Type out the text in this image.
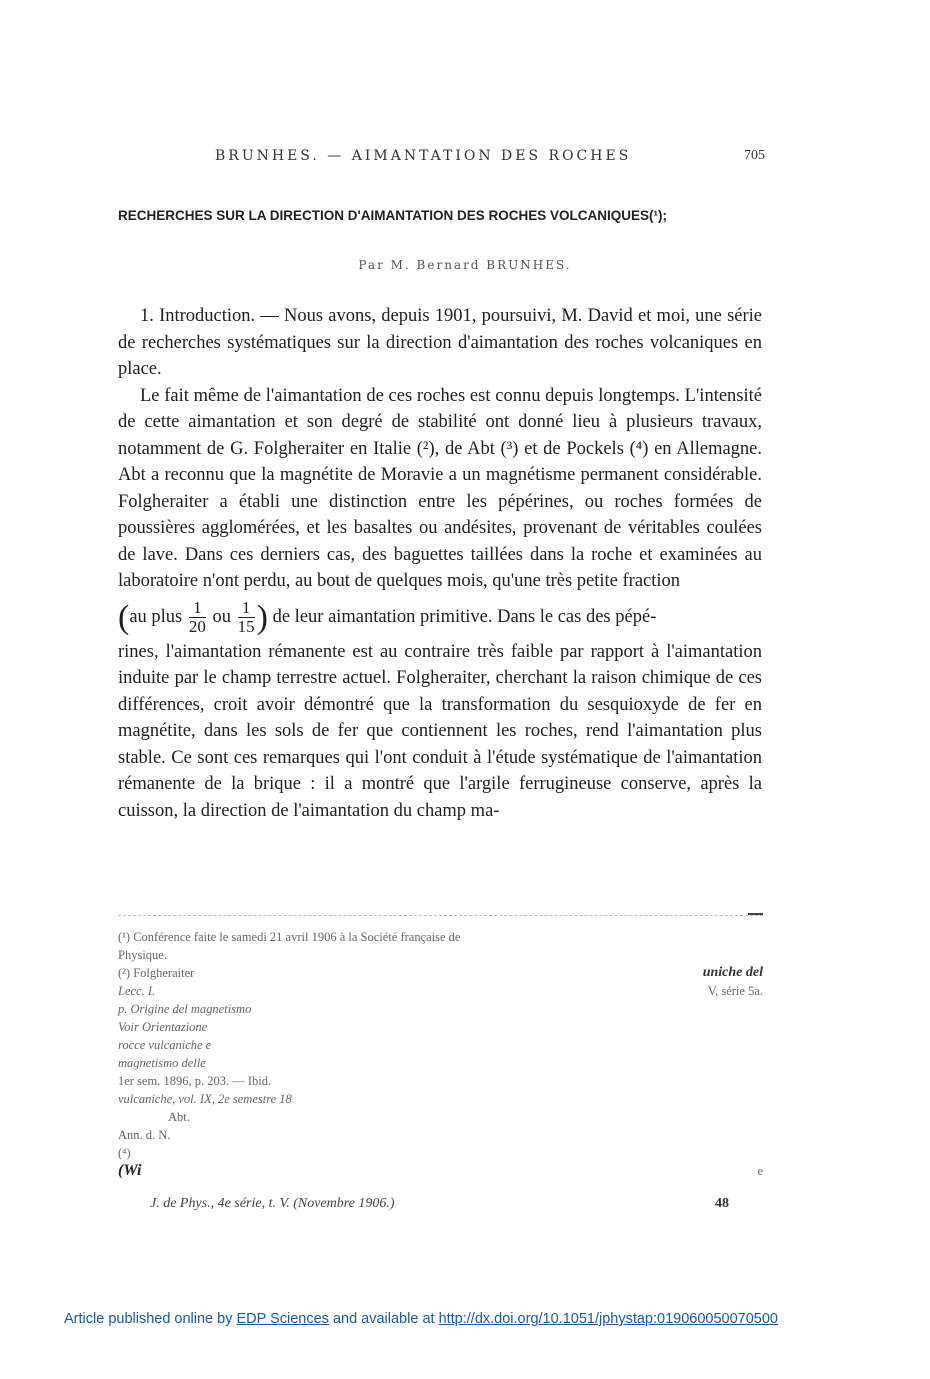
BRUNHES. — AIMANTATION DES ROCHES	705
RECHERCHES SUR LA DIRECTION D'AIMANTATION DES ROCHES VOLCANIQUES(¹);
Par M. Bernard BRUNHES.

1. Introduction. — Nous avons, depuis 1901, poursuivi, M. David et moi, une série de recherches systématiques sur la direction d'aimantation des roches volcaniques en place.

Le fait même de l'aimantation de ces roches est connu depuis longtemps. L'intensité de cette aimantation et son degré de stabilité ont donné lieu à plusieurs travaux, notamment de G. Folgheraiter en Italie (²), de Abt (³) et de Pockels (⁴) en Allemagne. Abt a reconnu que la magnétite de Moravie a un magnétisme permanent considérable. Folgheraiter a établi une distinction entre les pépérines, ou roches formées de poussières agglomérées, et les basaltes ou andésites, provenant de véritables coulées de lave. Dans ces derniers cas, des baguettes taillées dans la roche et examinées au laboratoire n'ont perdu, au bout de quelques mois, qu'une très petite fraction

(au plus $\frac{1}{20}$ ou $\frac{1}{15}$ ) de leur aimantation primitive. Dans le cas des pépé-

rines, l'aimantation rémanente est au contraire très faible par rapport à l'aimantation induite par le champ terrestre actuel. Folgheraiter, cherchant la raison chimique de ces différences, croit avoir démontré que la transformation du sesquioxyde de fer en magnétite, dans les sols de fer que contiennent les roches, rend l'aimantation plus stable. Ce sont ces remarques qui l'ont conduit à l'étude systématique de l'aimantation rémanente de la brique : il a montré que l'argile ferrugineuse conserve, après la cuisson, la direction de l'aimantation du champ ma-

(¹) Conférence faite le samedi 21 avril 1906 à la Société française de
Physique.
(²) Folgheraiter	uniche del
Lecc. I.	V, série 5a.
p. Origine del magnetismo
Voir Orientazione
rocce vulcaniche e
magnetismo delle
1er sem. 1896, p. 203. — Ibid.
vulcaniche, vol. IX, 2e semestre 18
Abt.
Ann. d. N.
(⁴)
(Wi	e
J. de Phys., 4e série, t. V. (Novembre 1906.)	48
Article published online by EDP Sciences and available at http://dx.doi.org/10.1051/jphystap:019060050070500
